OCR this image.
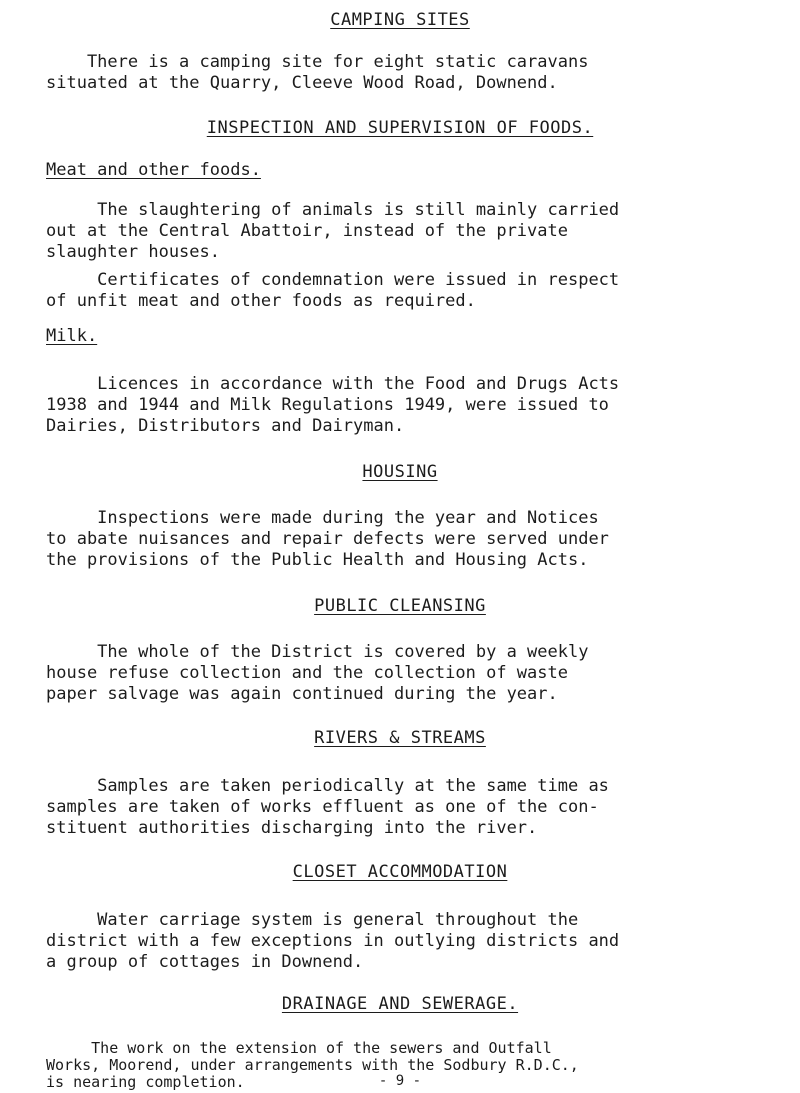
CAMPING SITES

There is a camping site for eight static caravans
situated at the Quarry, Cleeve Wood Road, Downend.

INSPECTION AND SUPERVISION OF FOODS.
Meat and other foods.

The slaughtering of animals is still mainly carried
out at the Central Abattoir, instead of the private
slaughter houses.

Certificates of condemnation were issued in respect
of unfit meat and other foods as required.

Milk.

Licences in accordance with the Food and Drugs Acts
1938 and 1944 and Milk Regulations 1949, were issued to
Dairies, Distributors and Dairyman.

HOUSING

Inspections were made during the year and Notices
to abate nuisances and repair defects were served under
the provisions of the Public Health and Housing Acts.

PUBLIC CLEANSING

The whole of the District is covered by a weekly
house refuse collection and the collection of waste
paper salvage was again continued during the year.

RIVERS & STREAMS

Samples are taken periodically at the same time as
samples are taken of works effluent as one of the con-
stituent authorities discharging into the river.

CLOSET ACCOMMODATION

Water carriage system is general throughout the
district with a few exceptions in outlying districts and
a group of cottages in Downend.

DRAINAGE AND SEWERAGE.

The work on the extension of the sewers and Outfall
Works, Moorend, under arrangements with the Sodbury R.D.C.,
is nearing completion.	- 9 -
